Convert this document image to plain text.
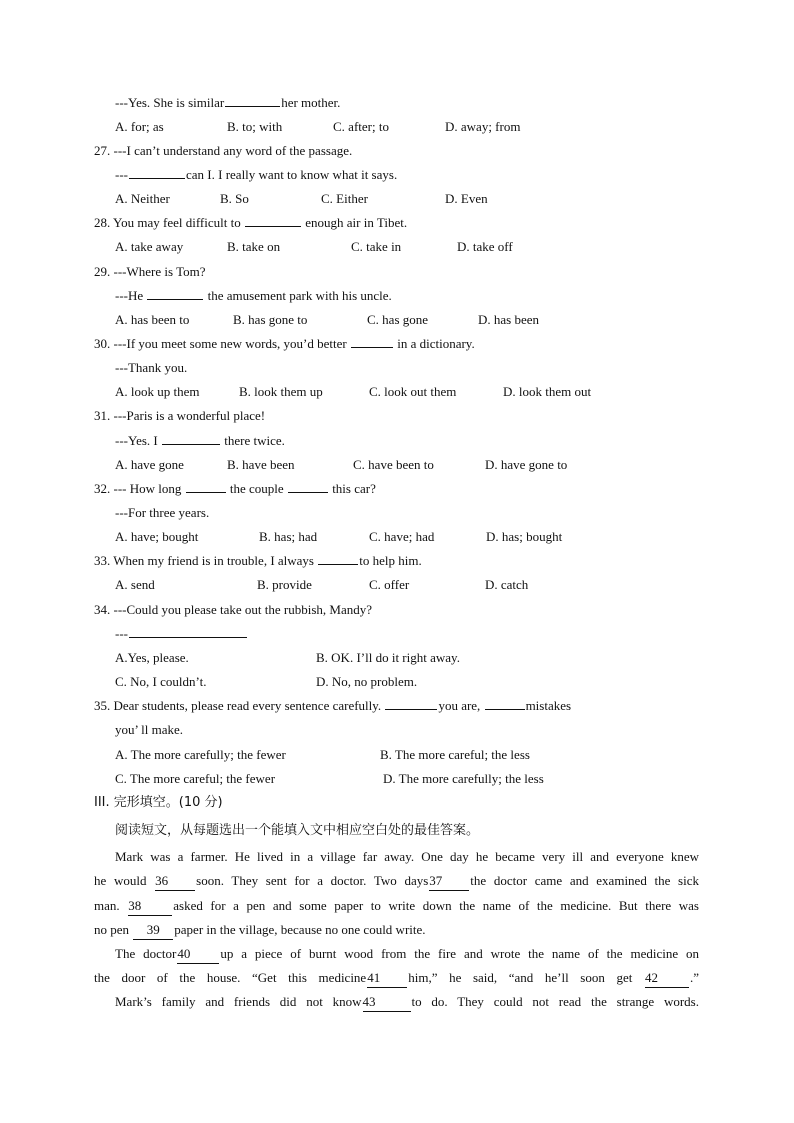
---Yes. She is similar	her mother.
A. for; as	B. to; with	C. after; to	D. away; from
27. ---I can’t understand any word of the passage.
---	can I. I really want to know what it says.
A. Neither	B. So	C. Either	D. Even
28. You may feel difficult to	enough air in Tibet.
A. take away	B. take on	C. take in	D. take off
29. ---Where is Tom?
---He	the amusement park with his uncle.
A. has been to	B. has gone to	C. has gone	D. has been
30. ---If you meet some new words, you’d better	in a dictionary.
---Thank you.
A. look up them	B. look them up	C. look out them	D. look them out
31. ---Paris is a wonderful place!
---Yes. I	there twice.
A. have gone	B. have been	C. have been to	D. have gone to
32. --- How long	the couple	this car?
---For three years.
A. have; bought	B. has; had	C. have; had	D. has; bought
33. When my friend is in trouble, I always	to help him.
A. send	B. provide	C. offer	D. catch
34. ---Could you please take out the rubbish, Mandy?
---
A.Yes, please.	B. OK. I’ll do it right away.
C. No, I couldn’t.	D. No, no problem.
35. Dear students, please read every sentence carefully.	you are,	mistakes
you’ ll make.
A. The more carefully; the fewer	B. The more careful; the less
C. The more careful; the fewer	D. The more carefully; the less
III. 完形填空。(10 分)
阅读短文，从每题选出一个能填入文中相应空白处的最佳答案。
Mark was a farmer. He lived in a village far away. One day he became very ill and everyone knew
he would 36 soon. They sent for a doctor. Two days37 the doctor came and examined the sick
man. 38 asked for a pen and some paper to write down the name of the medicine. But there was
no pen 39 paper in the village, because no one could write.
The doctor40 up a piece of burnt wood from the fire and wrote the name of the medicine on
the door of the house. “Get this medicine41 him,” he said, “and he’ll soon get 42 .”
Mark’s family and friends did not know43	to do. They could not read the strange words.
